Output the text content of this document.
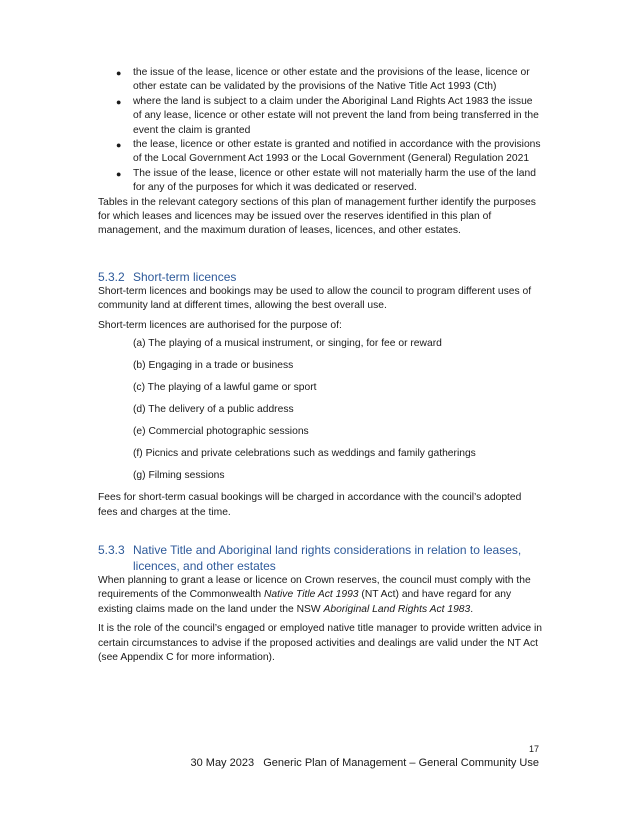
● the issue of the lease, licence or other estate and the provisions of the lease, licence or other estate can be validated by the provisions of the Native Title Act 1993 (Cth)
● where the land is subject to a claim under the Aboriginal Land Rights Act 1983 the issue of any lease, licence or other estate will not prevent the land from being transferred in the event the claim is granted
● the lease, licence or other estate is granted and notified in accordance with the provisions of the Local Government Act 1993 or the Local Government (General) Regulation 2021
● The issue of the lease, licence or other estate will not materially harm the use of the land for any of the purposes for which it was dedicated or reserved.

Tables in the relevant category sections of this plan of management further identify the purposes for which leases and licences may be issued over the reserves identified in this plan of management, and the maximum duration of leases, licences, and other estates.

5.3.2 Short-term licences

Short-term licences and bookings may be used to allow the council to program different uses of community land at different times, allowing the best overall use.

Short-term licences are authorised for the purpose of:

(a) The playing of a musical instrument, or singing, for fee or reward
(b) Engaging in a trade or business
(c) The playing of a lawful game or sport
(d) The delivery of a public address
(e) Commercial photographic sessions
(f) Picnics and private celebrations such as weddings and family gatherings
(g) Filming sessions

Fees for short-term casual bookings will be charged in accordance with the council’s adopted fees and charges at the time.

5.3.3 Native Title and Aboriginal land rights considerations in relation to leases, licences, and other estates

When planning to grant a lease or licence on Crown reserves, the council must comply with the requirements of the Commonwealth Native Title Act 1993 (NT Act) and have regard for any existing claims made on the land under the NSW Aboriginal Land Rights Act 1983.

It is the role of the council’s engaged or employed native title manager to provide written advice in certain circumstances to advise if the proposed activities and dealings are valid under the NT Act (see Appendix C for more information).

17
30 May 2023   Generic Plan of Management – General Community Use
